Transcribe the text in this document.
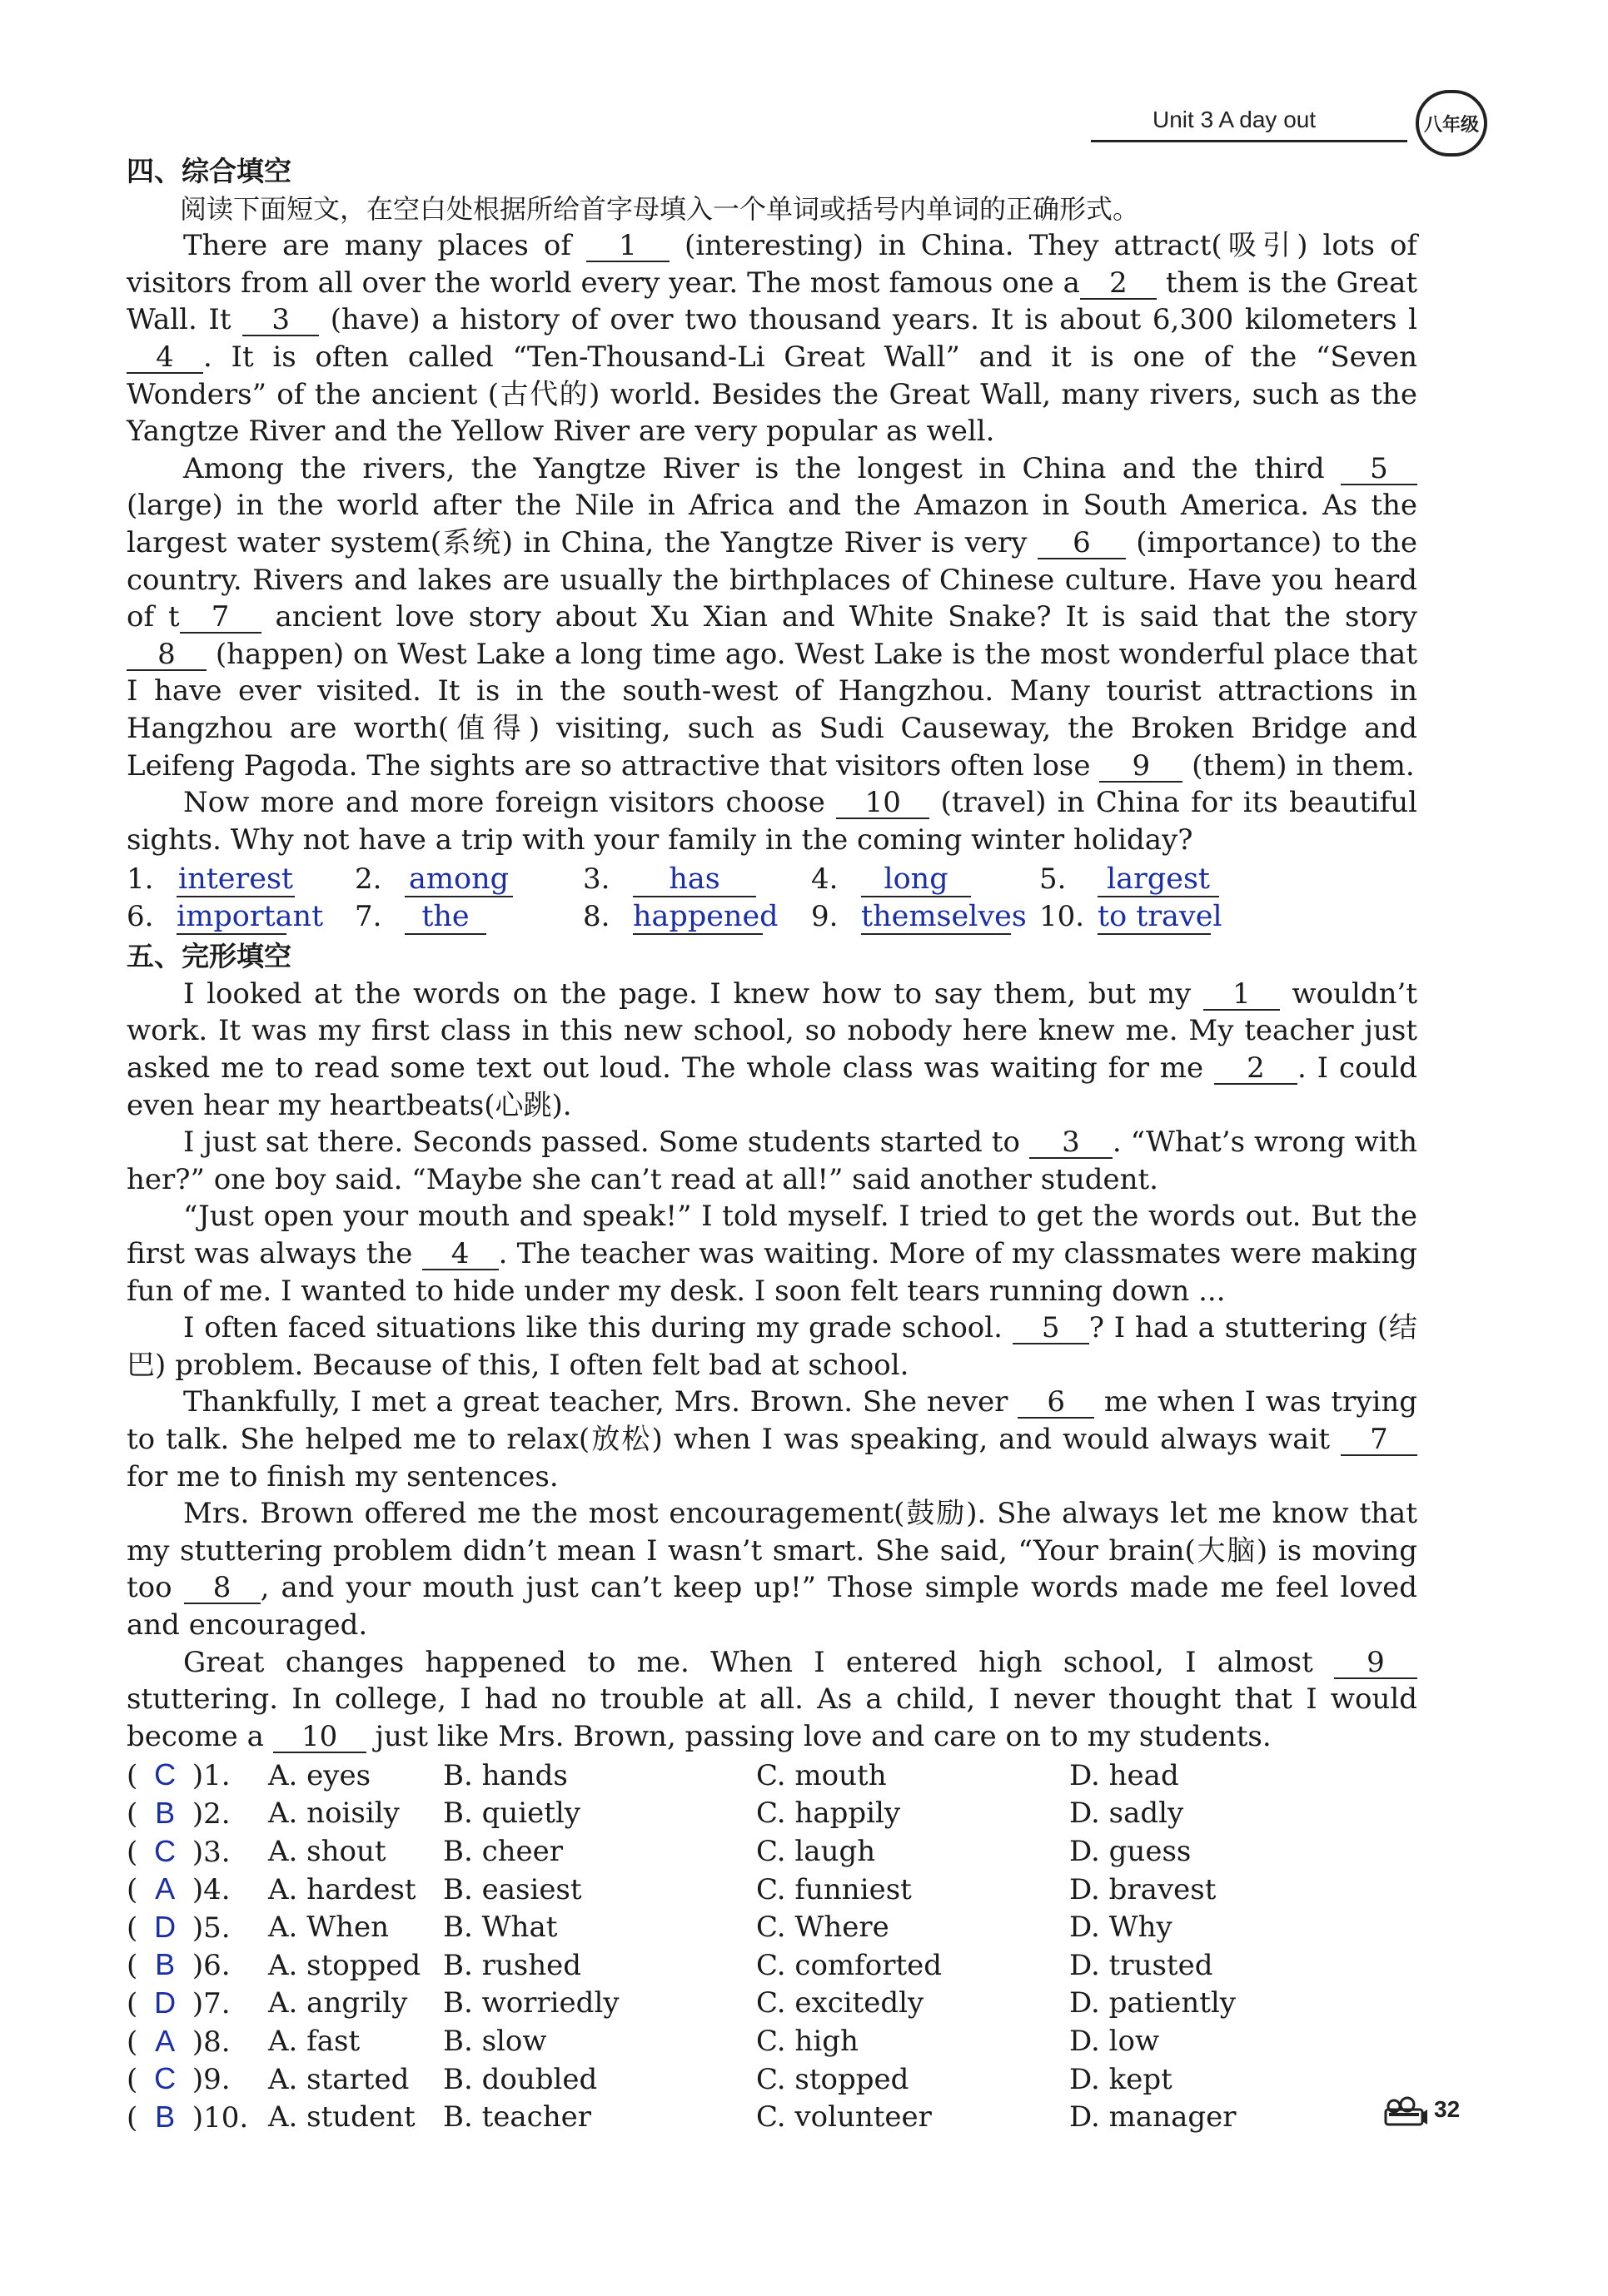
Unit 3 A day out	八年级
四、综合填空
阅读下面短文，在空白处根据所给首字母填入一个单词或括号内单词的正确形式。
There are many places of 1 (interesting) in China. They attract(吸引) lots of visitors from all over the world every year. The most famous one a 2 them is the Great Wall. It 3 (have) a history of over two thousand years. It is about 6,300 kilometers l4 . It is often called “Ten-Thousand-Li Great Wall” and it is one of the “Seven Wonders” of the ancient (古代的) world. Besides the Great Wall, many rivers, such as the Yangtze River and the Yellow River are very popular as well.
Among the rivers, the Yangtze River is the longest in China and the third 5 (large) in the world after the Nile in Africa and the Amazon in South America. As the largest water system(系统) in China, the Yangtze River is very 6 (importance) to the country. Rivers and lakes are usually the birthplaces of Chinese culture. Have you heard of t 7 ancient love story about Xu Xian and White Snake? It is said that the story 8 (happen) on West Lake a long time ago. West Lake is the most wonderful place that I have ever visited. It is in the south-west of Hangzhou. Many tourist attractions in Hangzhou are worth(值得) visiting, such as Sudi Causeway, the Broken Bridge and Leifeng Pagoda. The sights are so attractive that visitors often lose 9 (them) in them.
Now more and more foreign visitors choose 10 (travel) in China for its beautiful sights. Why not have a trip with your family in the coming winter holiday?
1. interest 2. among	3.	has	4.	long	5.	largest
6. important 7.	the	8. happened 9. themselves 10. to travel
五、完形填空
I looked at the words on the page. I knew how to say them, but my 1 wouldn’t work. It was my first class in this new school, so nobody here knew me. My teacher just asked me to read some text out loud. The whole class was waiting for me 2 . I could even hear my heartbeats(心跳).
I just sat there. Seconds passed. Some students started to 3 . “What’s wrong with her?” one boy said. “Maybe she can’t read at all!” said another student.
“Just open your mouth and speak!” I told myself. I tried to get the words out. But the first was always the 4 . The teacher was waiting. More of my classmates were making fun of me. I wanted to hide under my desk. I soon felt tears running down ...
I often faced situations like this during my grade school. 5 ? I had a stuttering (结巴) problem. Because of this, I often felt bad at school.
Thankfully, I met a great teacher, Mrs. Brown. She never 6 me when I was trying to talk. She helped me to relax(放松) when I was speaking, and would always wait 7 for me to finish my sentences.
Mrs. Brown offered me the most encouragement(鼓励). She always let me know that my stuttering problem didn’t mean I wasn’t smart. She said, “Your brain(大脑) is moving too 8 , and your mouth just can’t keep up!” Those simple words made me feel loved and encouraged.
Great changes happened to me. When I entered high school, I almost 9 stuttering. In college, I had no trouble at all. As a child, I never thought that I would become a 10 just like Mrs. Brown, passing love and care on to my students.
( C )1.	A. eyes	B. hands	C. mouth	D. head
( B )2.	A. noisily	B. quietly	C. happily	D. sadly
( C )3.	A. shout	B. cheer	C. laugh	D. guess
( A )4.	A. hardest B. easiest	C. funniest	D. bravest
( D )5.	A. When	B. What	C. Where	D. Why
( B )6.	A. stopped B. rushed	C. comforted	D. trusted
( D )7.	A. angrily	B. worriedly	C. excitedly	D. patiently
( A )8.	A. fast	B. slow	C. high	D. low
( C )9.	A. started	B. doubled	C. stopped	D. kept
( B )10. A. student B. teacher	C. volunteer	D. manager	32
